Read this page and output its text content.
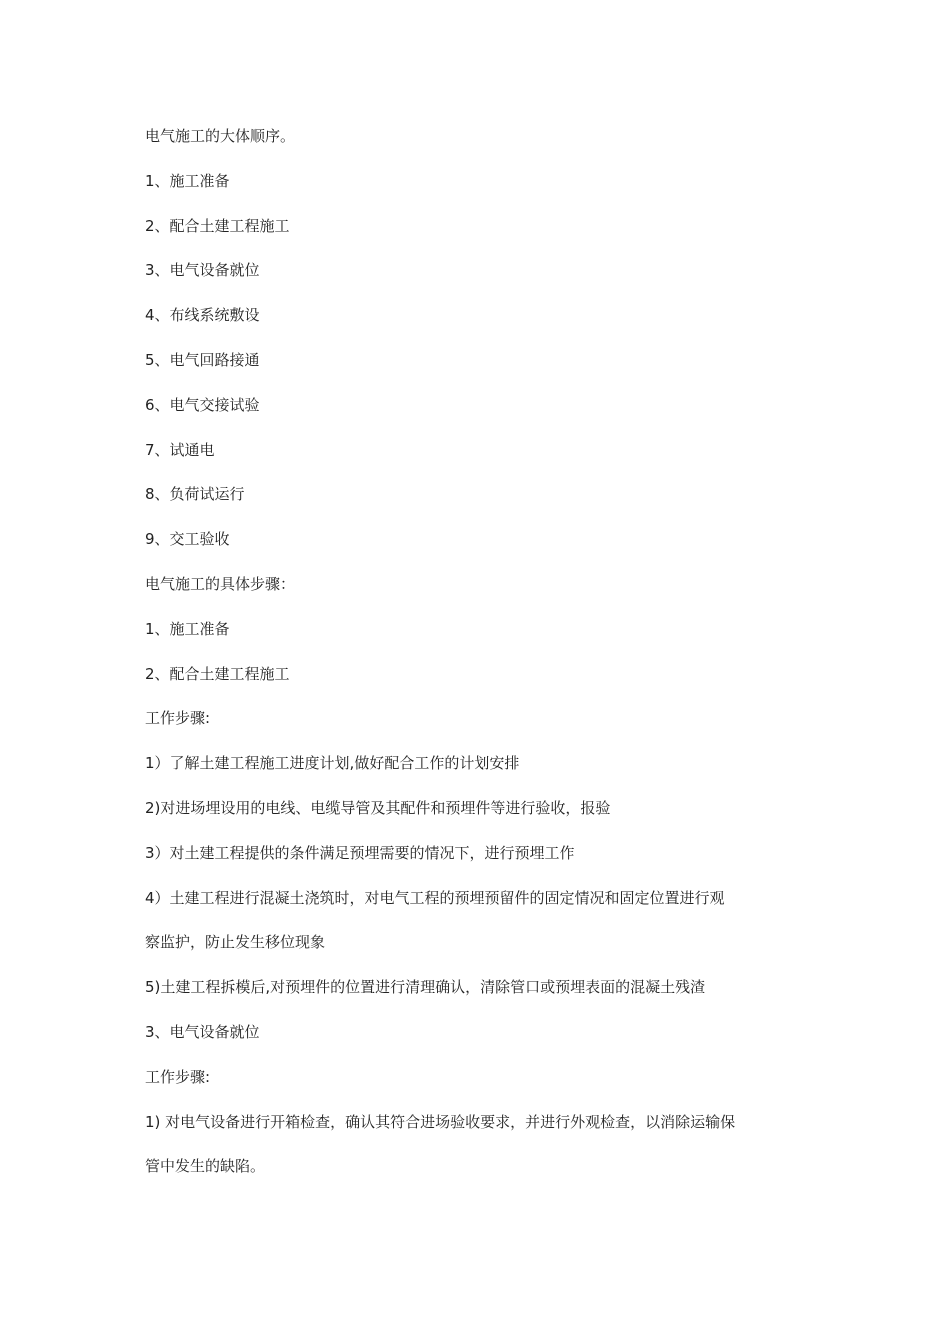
电气施工的大体顺序。
1、施工准备
2、配合土建工程施工
3、电气设备就位
4、布线系统敷设
5、电气回路接通
6、电气交接试验
7、试通电
8、负荷试运行
9、交工验收
电气施工的具体步骤：
1、施工准备
2、配合土建工程施工
工作步骤:
1）了解土建工程施工进度计划,做好配合工作的计划安排
2)对进场埋设用的电线、电缆导管及其配件和预埋件等进行验收，报验
3）对土建工程提供的条件满足预埋需要的情况下，进行预埋工作
4）土建工程进行混凝土浇筑时，对电气工程的预埋预留件的固定情况和固定位置进行观
察监护，防止发生移位现象
5)土建工程拆模后,对预埋件的位置进行清理确认，清除管口或预埋表面的混凝土残渣
3、电气设备就位
工作步骤:
1) 对电气设备进行开箱检查，确认其符合进场验收要求，并进行外观检查，以消除运输保
管中发生的缺陷。
